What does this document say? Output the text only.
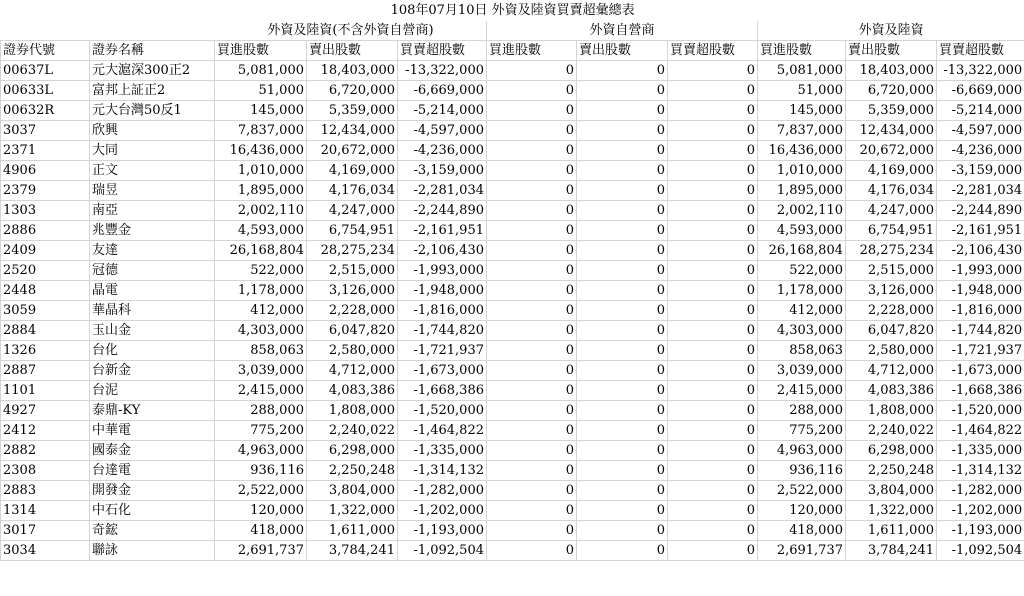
108年07月10日 外資及陸資買賣超彙總表										
		外資及陸資(不含外資自營商)			外資自營商			外資及陸資		
證券代號	證券名稱	買進股數	賣出股數	買賣超股數	買進股數	賣出股數	買賣超股數	買進股數	賣出股數	買賣超股數
00637L	元大滬深300正2	5,081,000	18,403,000	-13,322,000	0	0	0	5,081,000	18,403,000	-13,322,000
00633L	富邦上証正2	51,000	6,720,000	-6,669,000	0	0	0	51,000	6,720,000	-6,669,000
00632R	元大台灣50反1	145,000	5,359,000	-5,214,000	0	0	0	145,000	5,359,000	-5,214,000
3037	欣興	7,837,000	12,434,000	-4,597,000	0	0	0	7,837,000	12,434,000	-4,597,000
2371	大同	16,436,000	20,672,000	-4,236,000	0	0	0	16,436,000	20,672,000	-4,236,000
4906	正文	1,010,000	4,169,000	-3,159,000	0	0	0	1,010,000	4,169,000	-3,159,000
2379	瑞昱	1,895,000	4,176,034	-2,281,034	0	0	0	1,895,000	4,176,034	-2,281,034
1303	南亞	2,002,110	4,247,000	-2,244,890	0	0	0	2,002,110	4,247,000	-2,244,890
2886	兆豐金	4,593,000	6,754,951	-2,161,951	0	0	0	4,593,000	6,754,951	-2,161,951
2409	友達	26,168,804	28,275,234	-2,106,430	0	0	0	26,168,804	28,275,234	-2,106,430
2520	冠德	522,000	2,515,000	-1,993,000	0	0	0	522,000	2,515,000	-1,993,000
2448	晶電	1,178,000	3,126,000	-1,948,000	0	0	0	1,178,000	3,126,000	-1,948,000
3059	華晶科	412,000	2,228,000	-1,816,000	0	0	0	412,000	2,228,000	-1,816,000
2884	玉山金	4,303,000	6,047,820	-1,744,820	0	0	0	4,303,000	6,047,820	-1,744,820
1326	台化	858,063	2,580,000	-1,721,937	0	0	0	858,063	2,580,000	-1,721,937
2887	台新金	3,039,000	4,712,000	-1,673,000	0	0	0	3,039,000	4,712,000	-1,673,000
1101	台泥	2,415,000	4,083,386	-1,668,386	0	0	0	2,415,000	4,083,386	-1,668,386
4927	泰鼎-KY	288,000	1,808,000	-1,520,000	0	0	0	288,000	1,808,000	-1,520,000
2412	中華電	775,200	2,240,022	-1,464,822	0	0	0	775,200	2,240,022	-1,464,822
2882	國泰金	4,963,000	6,298,000	-1,335,000	0	0	0	4,963,000	6,298,000	-1,335,000
2308	台達電	936,116	2,250,248	-1,314,132	0	0	0	936,116	2,250,248	-1,314,132
2883	開發金	2,522,000	3,804,000	-1,282,000	0	0	0	2,522,000	3,804,000	-1,282,000
1314	中石化	120,000	1,322,000	-1,202,000	0	0	0	120,000	1,322,000	-1,202,000
3017	奇鋐	418,000	1,611,000	-1,193,000	0	0	0	418,000	1,611,000	-1,193,000
3034	聯詠	2,691,737	3,784,241	-1,092,504	0	0	0	2,691,737	3,784,241	-1,092,504
